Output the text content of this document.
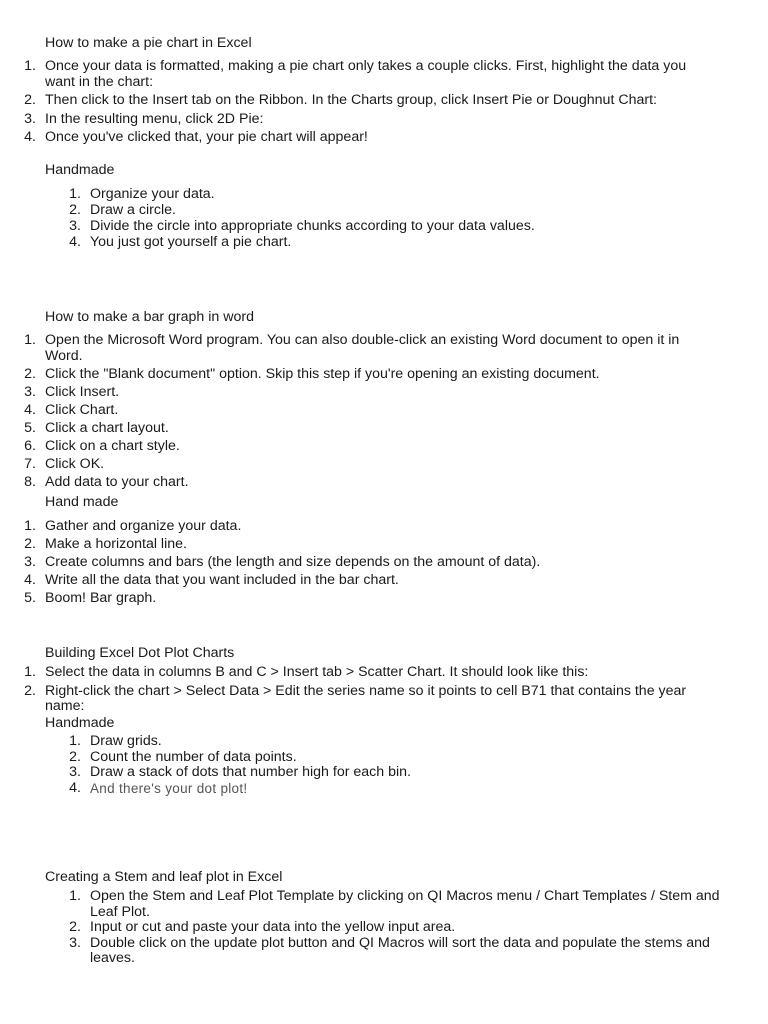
How to make a pie chart in Excel
1. Once your data is formatted, making a pie chart only takes a couple clicks. First, highlight the data you want in the chart:
2. Then click to the Insert tab on the Ribbon. In the Charts group, click Insert Pie or Doughnut Chart:
3. In the resulting menu, click 2D Pie:
4. Once you've clicked that, your pie chart will appear!
Handmade
1. Organize your data.
2. Draw a circle.
3. Divide the circle into appropriate chunks according to your data values.
4. You just got yourself a pie chart.
How to make a bar graph in word
1. Open the Microsoft Word program. You can also double-click an existing Word document to open it in Word.
2. Click the "Blank document" option. Skip this step if you're opening an existing document.
3. Click Insert.
4. Click Chart.
5. Click a chart layout.
6. Click on a chart style.
7. Click OK.
8. Add data to your chart.
Hand made
1. Gather and organize your data.
2. Make a horizontal line.
3. Create columns and bars (the length and size depends on the amount of data).
4. Write all the data that you want included in the bar chart.
5. Boom! Bar graph.
Building Excel Dot Plot Charts
1. Select the data in columns B and C > Insert tab > Scatter Chart. It should look like this:
2. Right-click the chart > Select Data > Edit the series name so it points to cell B71 that contains the year name:
Handmade
1. Draw grids.
2. Count the number of data points.
3. Draw a stack of dots that number high for each bin.
4. And there's your dot plot!
Creating a Stem and leaf plot in Excel
1. Open the Stem and Leaf Plot Template by clicking on QI Macros menu / Chart Templates / Stem and Leaf Plot.
2. Input or cut and paste your data into the yellow input area.
3. Double click on the update plot button and QI Macros will sort the data and populate the stems and leaves.
